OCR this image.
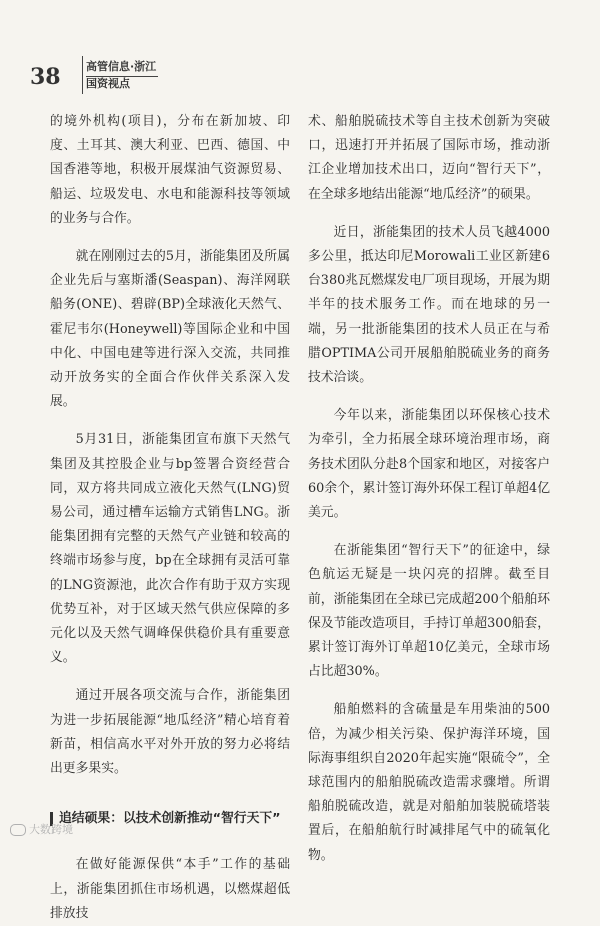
38 高管信息·浙江
国资视点

的境外机构(项目)，分布在新加坡、印度、土耳其、澳大利亚、巴西、德国、中国香港等地，积极开展煤油气资源贸易、船运、垃圾发电、水电和能源科技等领域的业务与合作。

就在刚刚过去的5月，浙能集团及所属企业先后与塞斯潘(Seaspan)、海洋网联船务(ONE)、碧辟(BP)全球液化天然气、霍尼韦尔(Honeywell)等国际企业和中国中化、中国电建等进行深入交流，共同推动开放务实的全面合作伙伴关系深入发展。

5月31日，浙能集团宣布旗下天然气集团及其控股企业与bp签署合资经营合同，双方将共同成立液化天然气(LNG)贸易公司，通过槽车运输方式销售LNG。浙能集团拥有完整的天然气产业链和较高的终端市场参与度，bp在全球拥有灵活可靠的LNG资源池，此次合作有助于双方实现优势互补，对于区域天然气供应保障的多元化以及天然气调峰保供稳价具有重要意义。

通过开展各项交流与合作，浙能集团为进一步拓展能源“地瓜经济”精心培育着新苗，相信高水平对外开放的努力必将结出更多果实。

追结硕果：以技术创新推动“智行天下”

在做好能源保供“本手”工作的基础上，浙能集团抓住市场机遇，以燃煤超低排放技

术、船舶脱硫技术等自主技术创新为突破口，迅速打开并拓展了国际市场，推动浙江企业增加技术出口，迈向“智行天下”，在全球多地结出能源“地瓜经济”的硕果。

近日，浙能集团的技术人员飞越4000多公里，抵达印尼Morowali工业区新建6台380兆瓦燃煤发电厂项目现场，开展为期半年的技术服务工作。而在地球的另一端，另一批浙能集团的技术人员正在与希腊OPTIMA公司开展船舶脱硫业务的商务技术洽谈。

今年以来，浙能集团以环保核心技术为牵引，全力拓展全球环境治理市场，商务技术团队分赴8个国家和地区，对接客户60余个，累计签订海外环保工程订单超4亿美元。

在浙能集团“智行天下”的征途中，绿色航运无疑是一块闪亮的招牌。截至目前，浙能集团在全球已完成超200个船舶环保及节能改造项目，手持订单超300船套，累计签订海外订单超10亿美元，全球市场占比超30%。

船舶燃料的含硫量是车用柴油的500倍，为减少相关污染、保护海洋环境，国际海事组织自2020年起实施“限硫令”，全球范围内的船舶脱硫改造需求骤增。所谓船舶脱硫改造，就是对船舶加装脱硫塔装置后，在船舶航行时减排尾气中的硫氧化物。

大数跨境
